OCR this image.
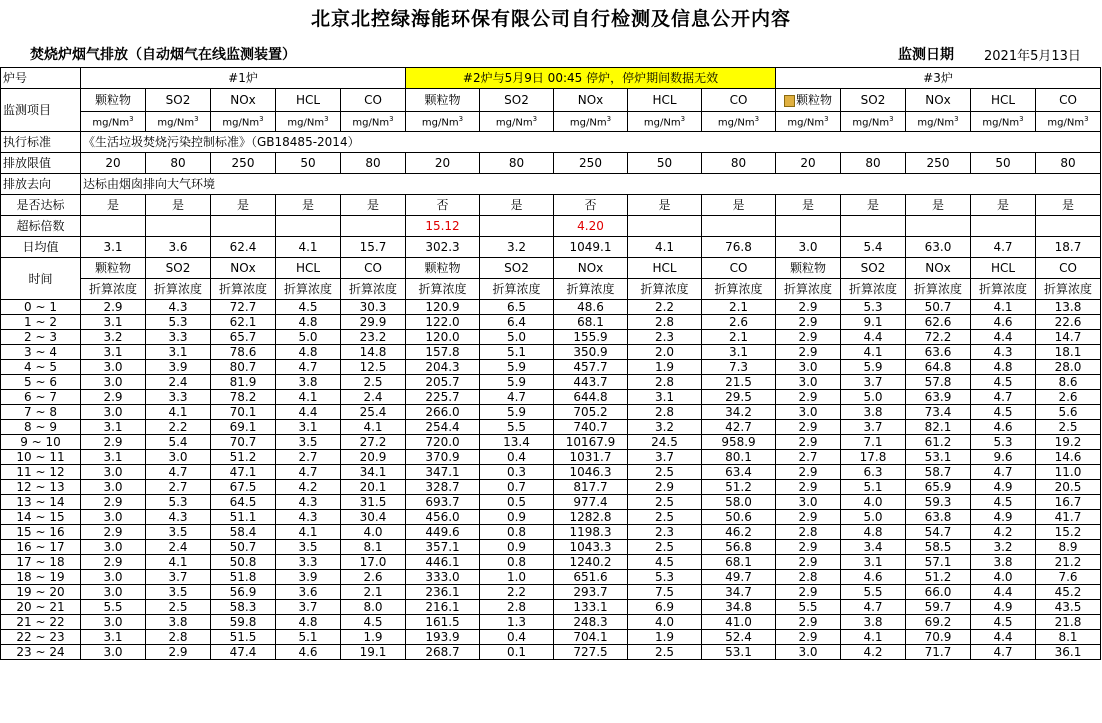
北京北控绿海能环保有限公司自行检测及信息公开内容
焚烧炉烟气排放（自动烟气在线监测装置）	监测日期 2021年5月13日
炉号	#1炉					#2炉与5月9日 00:45 停炉，停炉期间数据无效					#3炉				
监测项目	颗粒物	SO2	NOx	HCL	CO	颗粒物	SO2	NOx	HCL	CO	颗粒物	SO2	NOx	HCL	CO
	mg/Nm$^3$	mg/Nm$^3$	mg/Nm$^3$	mg/Nm$^3$	mg/Nm$^3$	mg/Nm$^3$	mg/Nm$^3$	mg/Nm$^3$	mg/Nm$^3$	mg/Nm$^3$	mg/Nm$^3$	mg/Nm$^3$	mg/Nm$^3$	mg/Nm$^3$	mg/Nm$^3$
执行标准	《生活垃圾焚烧污染控制标准》（GB18485-2014）														
排放限值	20	80	250	50	80	20	80	250	50	80	20	80	250	50	80
排放去向	达标由烟囱排向大气环境														
是否达标	是	是	是	是	是	否	是	否	是	是	是	是	是	是	是
超标倍数						15.12		4.20							
日均值	3.1	3.6	62.4	4.1	15.7	302.3	3.2	1049.1	4.1	76.8	3.0	5.4	63.0	4.7	18.7
时间	颗粒物	SO2	NOx	HCL	CO	颗粒物	SO2	NOx	HCL	CO	颗粒物	SO2	NOx	HCL	CO
	折算浓度	折算浓度	折算浓度	折算浓度	折算浓度	折算浓度	折算浓度	折算浓度	折算浓度	折算浓度	折算浓度	折算浓度	折算浓度	折算浓度	折算浓度
0 ~ 1	2.9	4.3	72.7	4.5	30.3	120.9	6.5	48.6	2.2	2.1	2.9	5.3	50.7	4.1	13.8
1 ~ 2	3.1	5.3	62.1	4.8	29.9	122.0	6.4	68.1	2.8	2.6	2.9	9.1	62.6	4.6	22.6
2 ~ 3	3.2	3.3	65.7	5.0	23.2	120.0	5.0	155.9	2.3	2.1	2.9	4.4	72.2	4.4	14.7
3 ~ 4	3.1	3.1	78.6	4.8	14.8	157.8	5.1	350.9	2.0	3.1	2.9	4.1	63.6	4.3	18.1
4 ~ 5	3.0	3.9	80.7	4.7	12.5	204.3	5.9	457.7	1.9	7.3	3.0	5.9	64.8	4.8	28.0
5 ~ 6	3.0	2.4	81.9	3.8	2.5	205.7	5.9	443.7	2.8	21.5	3.0	3.7	57.8	4.5	8.6
6 ~ 7	2.9	3.3	78.2	4.1	2.4	225.7	4.7	644.8	3.1	29.5	2.9	5.0	63.9	4.7	2.6
7 ~ 8	3.0	4.1	70.1	4.4	25.4	266.0	5.9	705.2	2.8	34.2	3.0	3.8	73.4	4.5	5.6
8 ~ 9	3.1	2.2	69.1	3.1	4.1	254.4	5.5	740.7	3.2	42.7	2.9	3.7	82.1	4.6	2.5
9 ~ 10	2.9	5.4	70.7	3.5	27.2	720.0	13.4	10167.9	24.5	958.9	2.9	7.1	61.2	5.3	19.2
10 ~ 11	3.1	3.0	51.2	2.7	20.9	370.9	0.4	1031.7	3.7	80.1	2.7	17.8	53.1	9.6	14.6
11 ~ 12	3.0	4.7	47.1	4.7	34.1	347.1	0.3	1046.3	2.5	63.4	2.9	6.3	58.7	4.7	11.0
12 ~ 13	3.0	2.7	67.5	4.2	20.1	328.7	0.7	817.7	2.9	51.2	2.9	5.1	65.9	4.9	20.5
13 ~ 14	2.9	5.3	64.5	4.3	31.5	693.7	0.5	977.4	2.5	58.0	3.0	4.0	59.3	4.5	16.7
14 ~ 15	3.0	4.3	51.1	4.3	30.4	456.0	0.9	1282.8	2.5	50.6	2.9	5.0	63.8	4.9	41.7
15 ~ 16	2.9	3.5	58.4	4.1	4.0	449.6	0.8	1198.3	2.3	46.2	2.8	4.8	54.7	4.2	15.2
16 ~ 17	3.0	2.4	50.7	3.5	8.1	357.1	0.9	1043.3	2.5	56.8	2.9	3.4	58.5	3.2	8.9
17 ~ 18	2.9	4.1	50.8	3.3	17.0	446.1	0.8	1240.2	4.5	68.1	2.9	3.1	57.1	3.8	21.2
18 ~ 19	3.0	3.7	51.8	3.9	2.6	333.0	1.0	651.6	5.3	49.7	2.8	4.6	51.2	4.0	7.6
19 ~ 20	3.0	3.5	56.9	3.6	2.1	236.1	2.2	293.7	7.5	34.7	2.9	5.5	66.0	4.4	45.2
20 ~ 21	5.5	2.5	58.3	3.7	8.0	216.1	2.8	133.1	6.9	34.8	5.5	4.7	59.7	4.9	43.5
21 ~ 22	3.0	3.8	59.8	4.8	4.5	161.5	1.3	248.3	4.0	41.0	2.9	3.8	69.2	4.5	21.8
22 ~ 23	3.1	2.8	51.5	5.1	1.9	193.9	0.4	704.1	1.9	52.4	2.9	4.1	70.9	4.4	8.1
23 ~ 24	3.0	2.9	47.4	4.6	19.1	268.7	0.1	727.5	2.5	53.1	3.0	4.2	71.7	4.7	36.1
